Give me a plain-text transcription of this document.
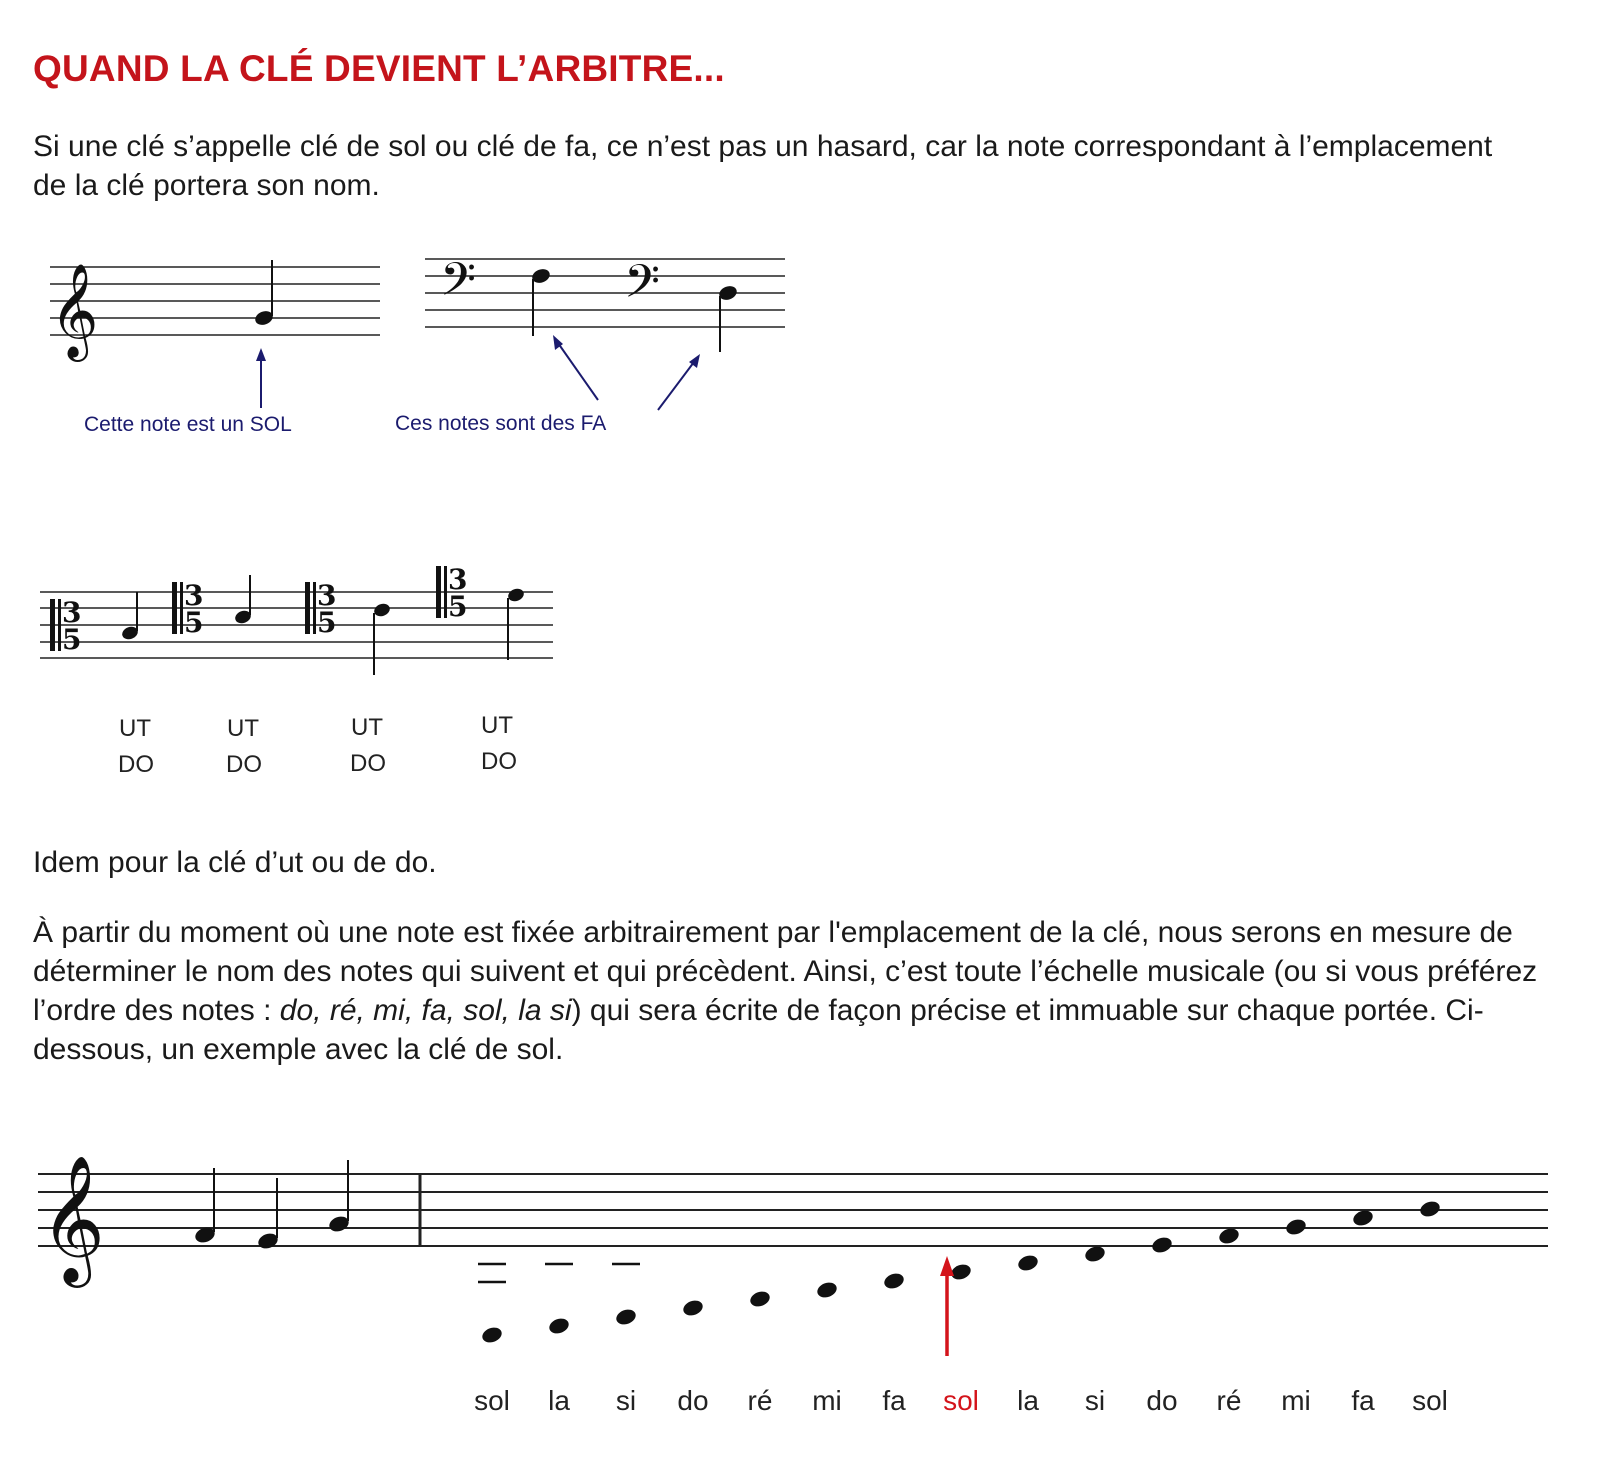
QUAND LA CLÉ DEVIENT L’ARBITRE...

Si une clé s’appelle clé de sol ou clé de fa, ce n’est pas un hasard, car la note correspondant à l’emplacement de la clé portera son nom.

𝄞
Cette note est un SOL
𝄢	𝄢
Ces notes sont des FA
3
5
3
5
3
5
3
5
UT
DO
UT
DO
UT
DO
UT
DO

Idem pour la clé d’ut ou de do.

À partir du moment où une note est fixée arbitrairement par l'emplacement de la clé, nous serons en mesure de déterminer le nom des notes qui suivent et qui précèdent. Ainsi, c’est toute l’échelle musicale (ou si vous préférez l’ordre des notes : do, ré, mi, fa, sol, la si) qui sera écrite de façon précise et immuable sur chaque portée. Ci-dessous, un exemple avec la clé de sol.

𝄞
sol la si do ré mi fa sol la si do ré mi fa sol
